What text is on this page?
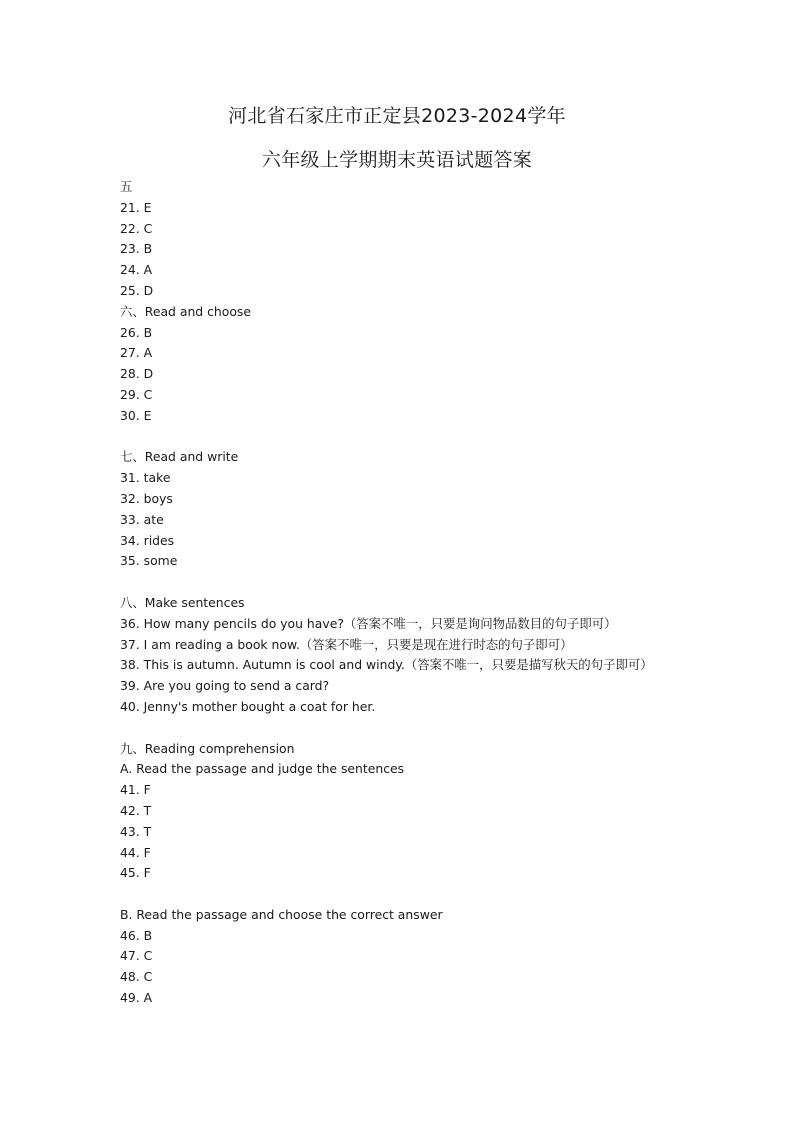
河北省石家庄市正定县2023-2024学年
六年级上学期期末英语试题答案
五
21. E
22. C
23. B
24. A
25. D
六、Read and choose
26. B
27. A
28. D
29. C
30. E
七、Read and write
31. take
32. boys
33. ate
34. rides
35. some
八、Make sentences
36. How many pencils do you have?（答案不唯一，只要是询问物品数目的句子即可）
37. I am reading a book now.（答案不唯一，只要是现在进行时态的句子即可）
38. This is autumn. Autumn is cool and windy.（答案不唯一，只要是描写秋天的句子即可）
39. Are you going to send a card?
40. Jenny's mother bought a coat for her.
九、Reading comprehension
A. Read the passage and judge the sentences
41. F
42. T
43. T
44. F
45. F
B. Read the passage and choose the correct answer
46. B
47. C
48. C
49. A
